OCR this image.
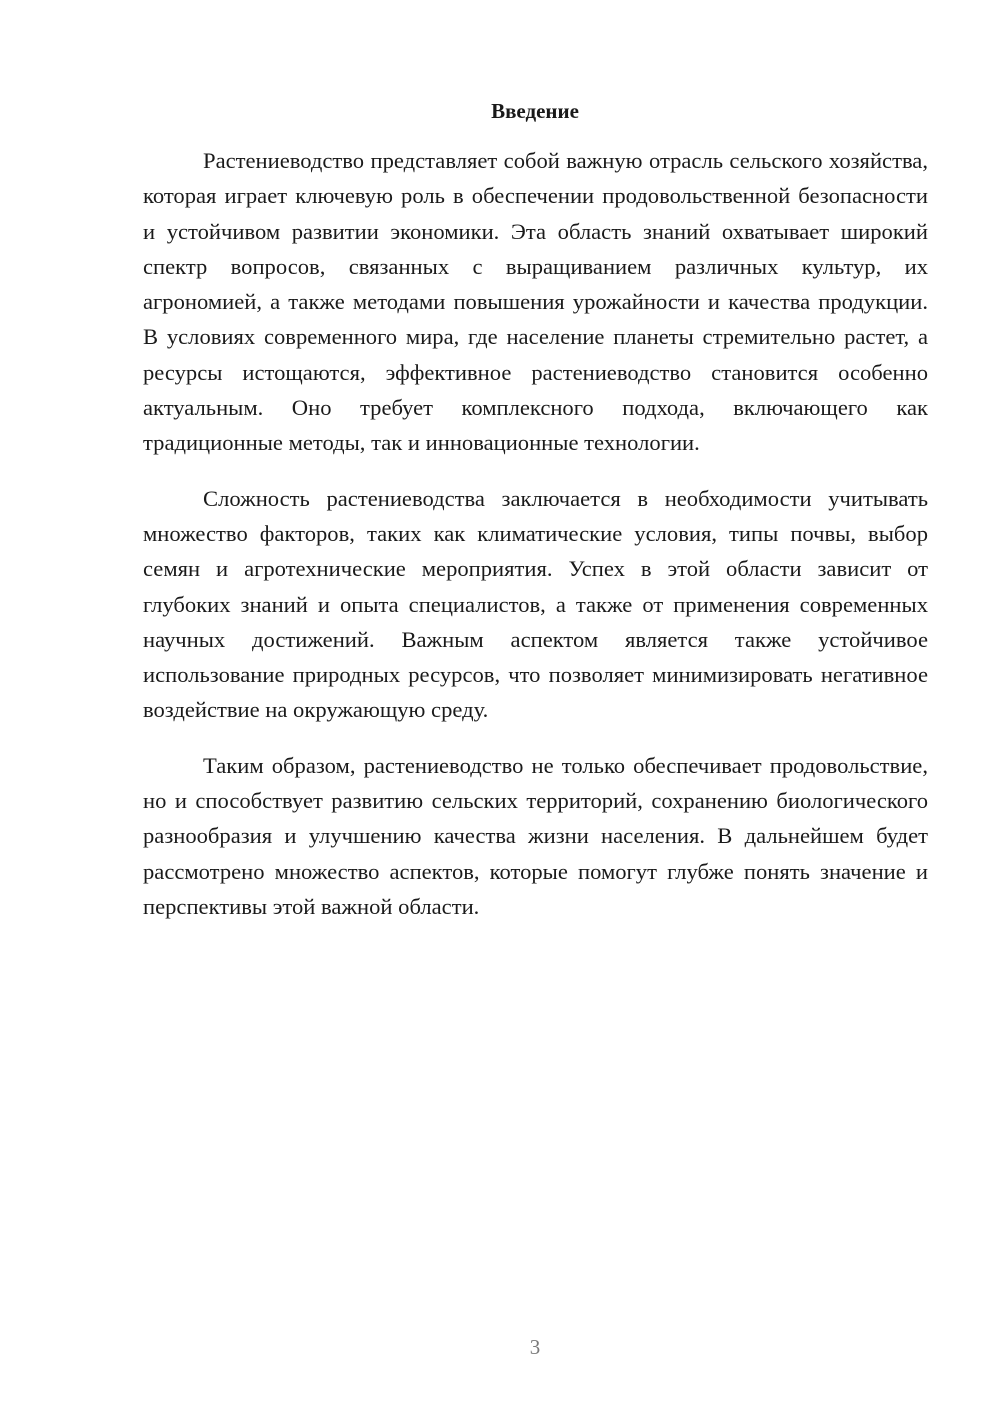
Введение

Растениеводство представляет собой важную отрасль сельского хозяйства, которая играет ключевую роль в обеспечении продовольственной безопасности и устойчивом развитии экономики. Эта область знаний охватывает широкий спектр вопросов, связанных с выращиванием различных культур, их агрономией, а также методами повышения урожайности и качества продукции. В условиях современного мира, где население планеты стремительно растет, а ресурсы истощаются, эффективное растениеводство становится особенно актуальным. Оно требует комплексного подхода, включающего как традиционные методы, так и инновационные технологии.

Сложность растениеводства заключается в необходимости учитывать множество факторов, таких как климатические условия, типы почвы, выбор семян и агротехнические мероприятия. Успех в этой области зависит от глубоких знаний и опыта специалистов, а также от применения современных научных достижений. Важным аспектом является также устойчивое использование природных ресурсов, что позволяет минимизировать негативное воздействие на окружающую среду.

Таким образом, растениеводство не только обеспечивает продовольствие, но и способствует развитию сельских территорий, сохранению биологического разнообразия и улучшению качества жизни населения. В дальнейшем будет рассмотрено множество аспектов, которые помогут глубже понять значение и перспективы этой важной области.

3
